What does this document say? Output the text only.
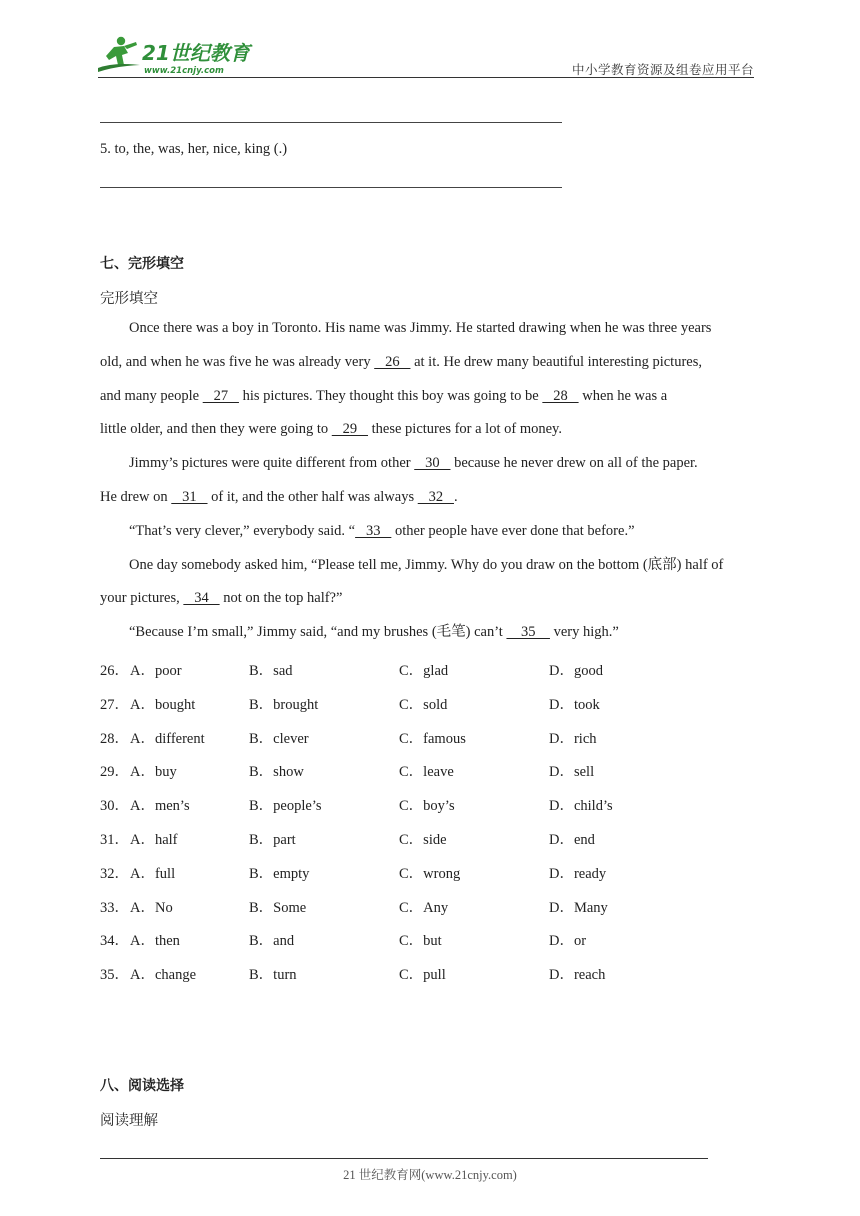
21世纪教育
www.21cnjy.com	中小学教育资源及组卷应用平台
5. to, the, was, her, nice, king (.)
七、完形填空
完形填空
Once there was a boy in Toronto. His name was Jimmy. He started drawing when he was three years
old, and when he was five he was already very    26    at it. He drew many beautiful interesting pictures,
and many people    27    his pictures. They thought this boy was going to be    28    when he was a
little older, and then they were going to    29    these pictures for a lot of money.
Jimmy’s pictures were quite different from other    30    because he never drew on all of the paper.
He drew on    31    of it, and the other half was always    32   .
“That’s very clever,” everybody said. “   33    other people have ever done that before.”
One day somebody asked him, “Please tell me, Jimmy. Why do you draw on the bottom (底部) half of
your pictures,    34    not on the top half?”
“Because I’m small,” Jimmy said, “and my brushes (毛笔) can’t     35     very high.”
26． A．poor	B．sad	C．glad	D．good
27． A．bought	B．brought	C．sold	D．took
28． A．different	B．clever	C．famous	D．rich
29． A．buy	B．show	C．leave	D．sell
30． A．men’s	B．people’s	C．boy’s	D．child’s
31． A．half	B．part	C．side	D．end
32． A．full	B．empty	C．wrong	D．ready
33． A．No	B．Some	C．Any	D．Many
34． A．then	B．and	C．but	D．or
35． A．change	B．turn	C．pull	D．reach
八、阅读选择
阅读理解
21 世纪教育网(www.21cnjy.com)
